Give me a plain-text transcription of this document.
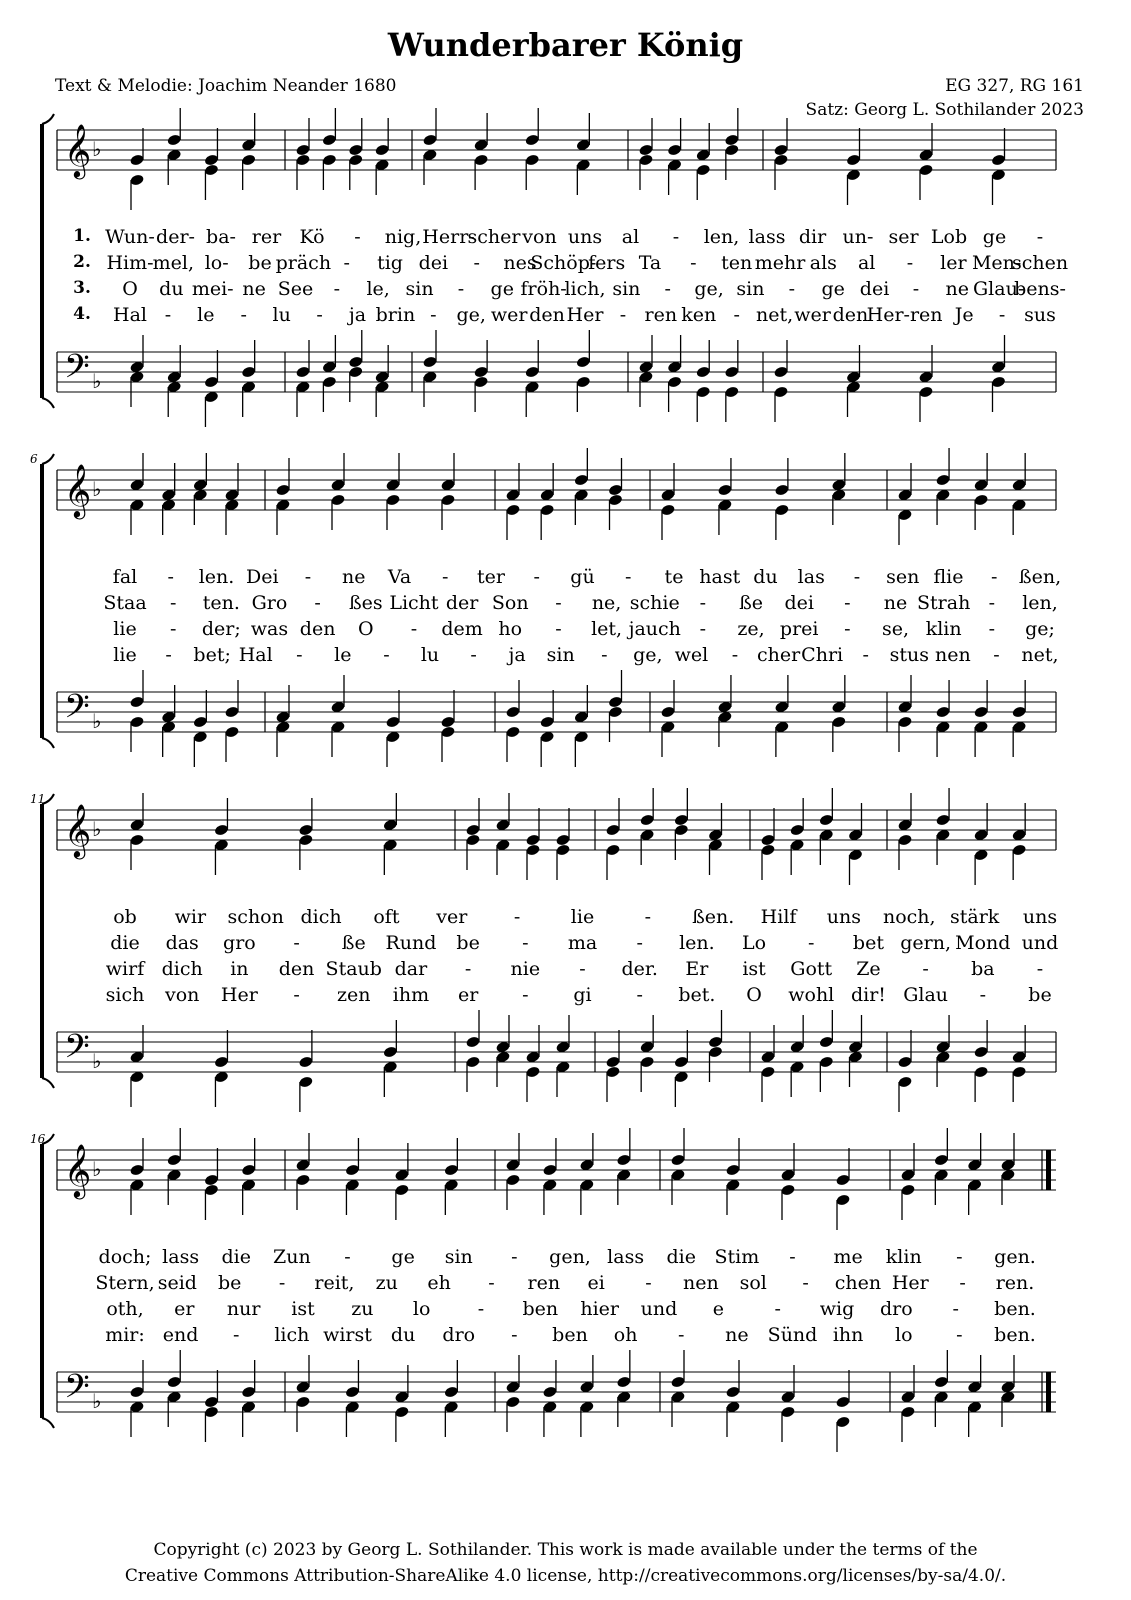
Wunderbarer König
Text & Melodie: Joachim Neander 1680	EG 327, RG 161
Satz: Georg L. Sothilander 2023
𝄞
𝄢
♭
♭
𝄞
𝄢
♭
♭
𝄞
𝄢
♭
♭
𝄞
𝄢
♭
♭
1. Wun- der- ba- rer Kö - nig, Herr-
scher von uns al - len, lass dir un- ser Lob ge -
2. Him- mel, lo- be präch - tig dei - nes
Schöp-
fers Ta - ten mehr als al - ler Men-
schen
3. O du mei- ne See - le, sin - ge fröh-
lich, sin - ge, sin - ge dei - ne Glau-
bens-
4. Hal - le - lu - ja brin - ge, wer den Her - ren ken - net, wer den
Her- ren Je - sus
fal - len. Dei - ne Va - ter - gü - te hast du las - sen flie - ßen,
Staa - ten. Gro - ßes Licht der Son - ne, schie - ße dei - ne Strah - len,
lie - der; was den O - dem ho - let, jauch - ze, prei - se, klin - ge;
lie - bet; Hal - le - lu - ja sin - ge, wel - cher Chri - stus nen - net,
ob wir schon dich oft ver -	lie	- ßen. Hilf uns noch, stärk uns
die das gro - ße Rund be - ma - len. Lo - bet gern, Mond und
wirf dich in den Staub dar - nie - der. Er ist Gott Ze - ba -
sich von Her - zen ihm er - gi - bet. O wohl dir! Glau - be
doch; lass die Zun - ge sin - gen, lass die Stim - me klin - gen.
Stern, seid be - reit, zu eh - ren ei - nen sol - chen Her - ren.
oth, er nur ist zu lo - ben hier und e	- wig dro - ben.
mir: end - lich wirst du dro - ben oh - ne Sünd ihn lo - ben.
6
11
16
Copyright (c) 2023 by Georg L. Sothilander. This work is made available under the terms of the
Creative Commons Attribution-ShareAlike 4.0 license, http://creativecommons.org/licenses/by-sa/4.0/.
